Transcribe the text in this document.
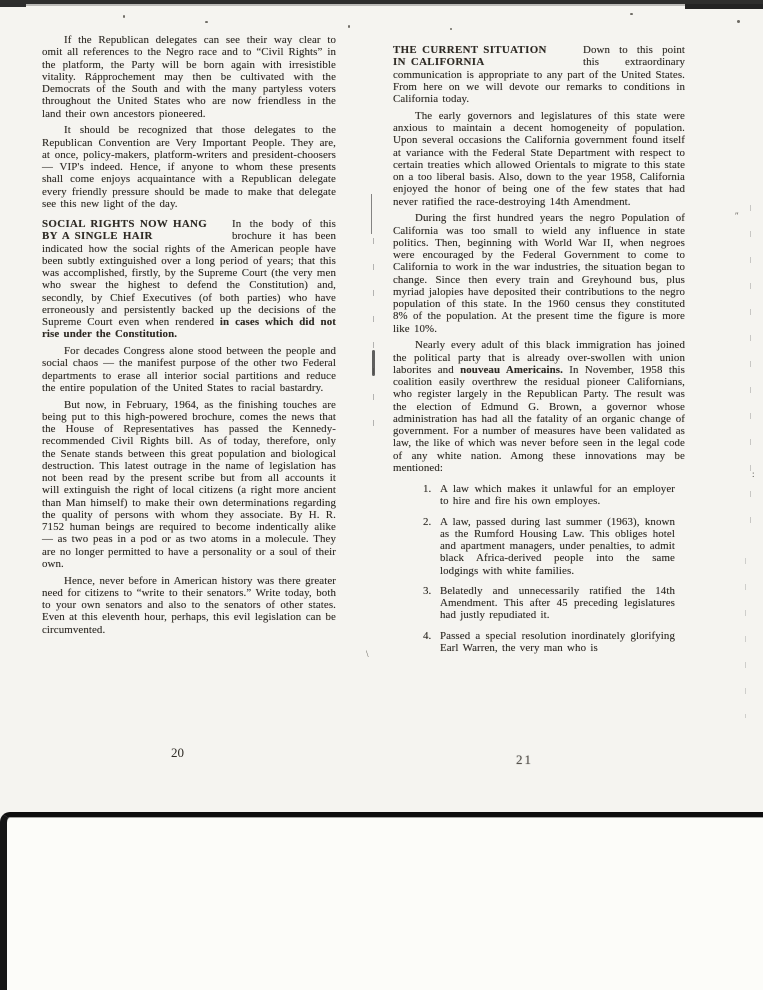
If the Republican delegates can see their way clear to omit all references to the Negro race and to “Civil Rights” in the platform, the Party will be born again with irresistible vitality. Rápprochement may then be cultivated with the Democrats of the South and with the many partyless voters throughout the United States who are now friendless in the land their own ancestors pioneered.

It should be recognized that those delegates to the Republican Convention are Very Important People. They are, at once, policy-makers, platform-writers and president-choosers — VIP's indeed. Hence, if anyone to whom these presents shall come enjoys acquaintance with a Republican delegate every friendly pressure should be made to make that delegate see this new light of the day.

SOCIAL RIGHTS NOW HANG
BY A SINGLE HAIR
In the body of this
brochure it has been

indicated how the social rights of the American people have been subtly extinguished over a long period of years; that this was accomplished, firstly, by the Supreme Court (the very men who swear the highest to defend the Constitution) and, secondly, by Chief Executives (of both parties) who have erroneously and persistently backed up the decisions of the Supreme Court even when rendered in cases which did not rise under the Constitution.

For decades Congress alone stood between the people and social chaos — the manifest purpose of the other two Federal departments to erase all interior social partitions and reduce the entire population of the United States to racial bastardry.

But now, in February, 1964, as the finishing touches are being put to this high-powered brochure, comes the news that the House of Representatives has passed the Kennedy-recommended Civil Rights bill. As of today, therefore, only the Senate stands between this great population and biological destruction. This latest outrage in the name of legislation has not been read by the present scribe but from all accounts it will extinguish the right of local citizens (a right more ancient than Man himself) to make their own determinations regarding the quality of persons with whom they associate. By H. R. 7152 human beings are required to become indentically alike — as two peas in a pod or as two atoms in a molecule. They are no longer permitted to have a personality or a soul of their own.

Hence, never before in American history was there greater need for citizens to “write to their senators.” Write today, both to your own senators and also to the senators of other states. Even at this eleventh hour, perhaps, this evil legislation can be circumvented.

THE CURRENT SITUATION
IN CALIFORNIA
Down to this point
this extraordinary

communication is appropriate to any part of the United States. From here on we will devote our remarks to conditions in California today.

The early governors and legislatures of this state were anxious to maintain a decent homogeneity of population. Upon several occasions the California government found itself at variance with the Federal State Department with respect to certain treaties which allowed Orientals to migrate to this state on a too liberal basis. Also, down to the year 1958, California enjoyed the honor of being one of the few states that had never ratified the race-destroying 14th Amendment.

During the first hundred years the negro Population of California was too small to wield any influence in state politics. Then, beginning with World War II, when negroes were encouraged by the Federal Government to come to California to work in the war industries, the situation began to change. Since then every train and Greyhound bus, plus myriad jalopies have deposited their contributions to the negro population of this state. In the 1960 census they constituted 8% of the population. At the present time the figure is more like 10%.

Nearly every adult of this black immigration has joined the political party that is already over-swollen with union laborites and nouveau Americains. In November, 1958 this coalition easily overthrew the residual pioneer Californians, who register largely in the Republican Party. The result was the election of Edmund G. Brown, a governor whose administration has had all the fatality of an organic change of government. For a number of measures have been validated as law, the like of which was never before seen in the legal code of any white nation. Among these innovations may be mentioned:

1. A law which makes it unlawful for an employer to hire and fire his own employes.
2. A law, passed during last summer (1963), known as the Rumford Housing Law. This obliges hotel and apartment managers, under penalties, to admit black Africa-derived people into the same lodgings with white families.
3. Belatedly and unnecessarily ratified the 14th Amendment. This after 45 preceding legislatures had justly repudiated it.
4. Passed a special resolution inordinately glorifying Earl Warren, the very man who is
20	21
\
″
:
